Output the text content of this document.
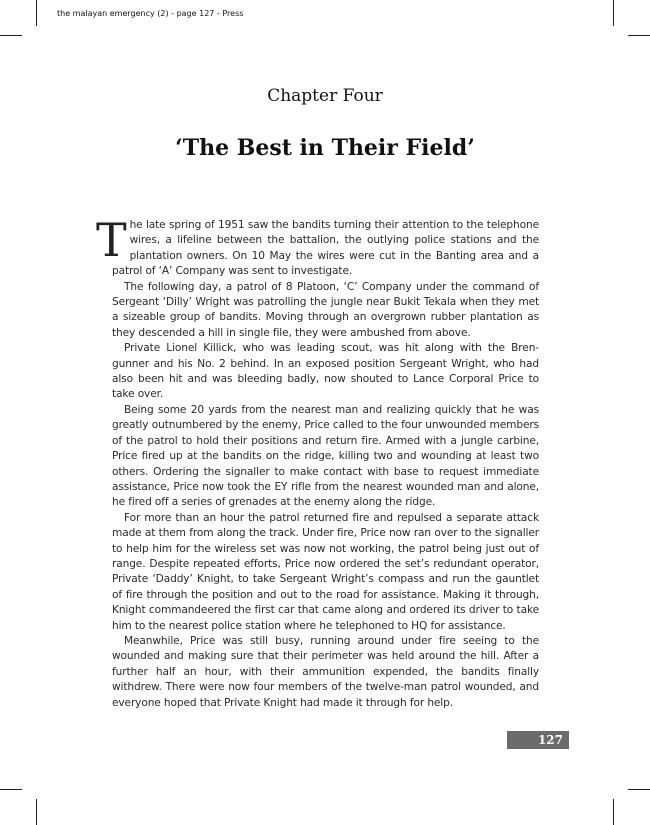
the malayan emergency (2) - page 127 - Press
Chapter Four
‘The Best in Their Field’

The late spring of 1951 saw the bandits turning their attention to the telephone wires, a lifeline between the battalion, the outlying police stations and the plantation owners. On 10 May the wires were cut in the Banting area and a patrol of ‘A’ Company was sent to investigate.

The following day, a patrol of 8 Platoon, ‘C’ Company under the command of Sergeant ‘Dilly’ Wright was patrolling the jungle near Bukit Tekala when they met a sizeable group of bandits. Moving through an overgrown rubber plantation as they descended a hill in single file, they were ambushed from above.

Private Lionel Killick, who was leading scout, was hit along with the Bren-gunner and his No. 2 behind. In an exposed position Sergeant Wright, who had also been hit and was bleeding badly, now shouted to Lance Corporal Price to take over.

Being some 20 yards from the nearest man and realizing quickly that he was greatly outnumbered by the enemy, Price called to the four unwounded members of the patrol to hold their positions and return fire. Armed with a jungle carbine, Price fired up at the bandits on the ridge, killing two and wounding at least two others. Ordering the signaller to make contact with base to request immediate assistance, Price now took the EY rifle from the nearest wounded man and alone, he fired off a series of grenades at the enemy along the ridge.

For more than an hour the patrol returned fire and repulsed a separate attack made at them from along the track. Under fire, Price now ran over to the signaller to help him for the wireless set was now not working, the patrol being just out of range. Despite repeated efforts, Price now ordered the set’s redundant operator, Private ‘Daddy’ Knight, to take Sergeant Wright’s compass and run the gauntlet of fire through the position and out to the road for assistance. Making it through, Knight commandeered the first car that came along and ordered its driver to take him to the nearest police station where he telephoned to HQ for assistance.

Meanwhile, Price was still busy, running around under fire seeing to the wounded and making sure that their perimeter was held around the hill. After a further half an hour, with their ammunition expended, the bandits finally withdrew. There were now four members of the twelve-man patrol wounded, and everyone hoped that Private Knight had made it through for help.

127
